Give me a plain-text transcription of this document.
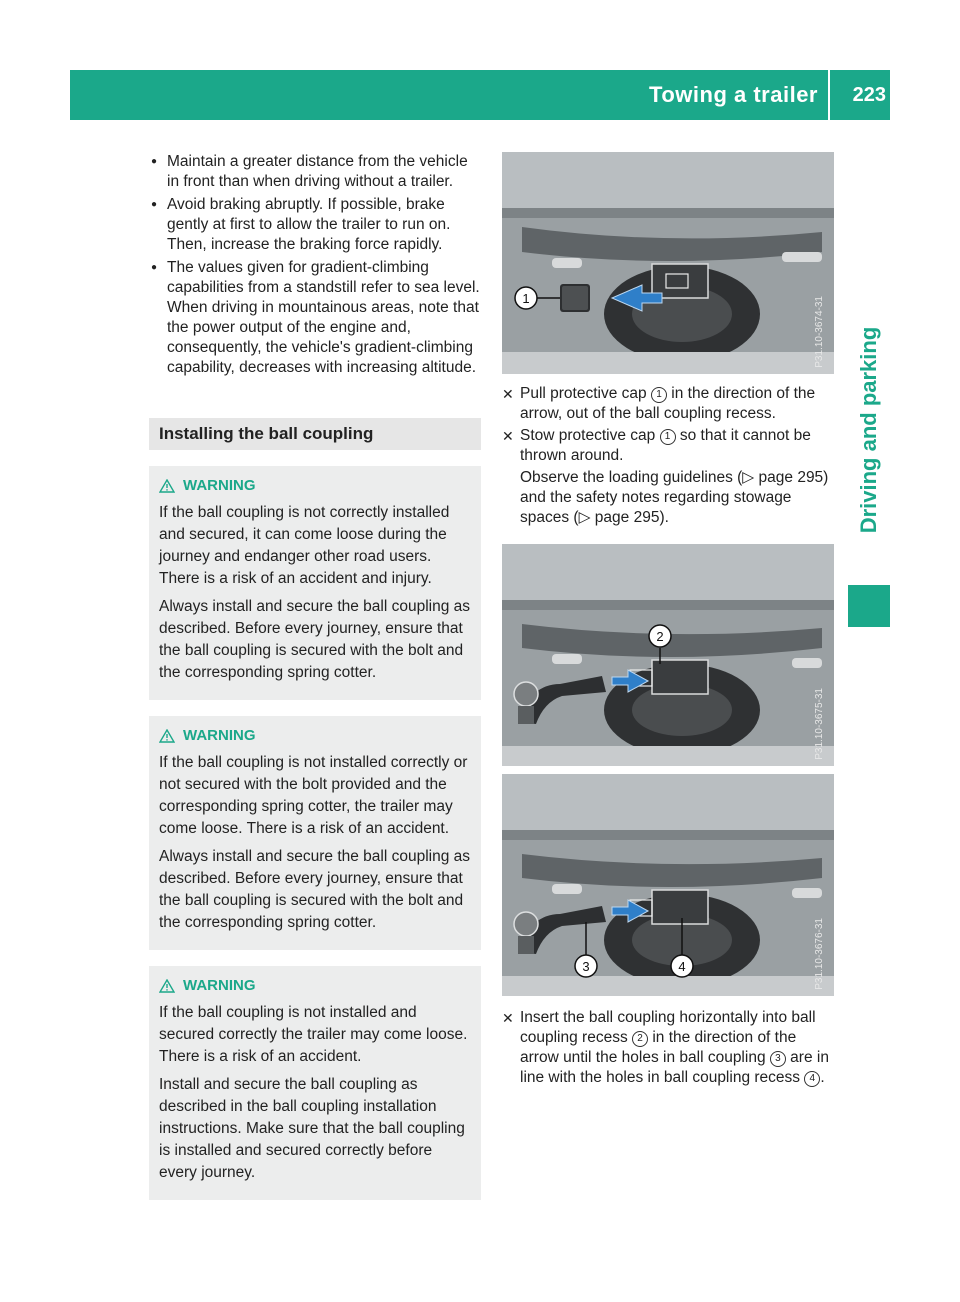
Towing a trailer 223
Driving and parking
● Maintain a greater distance from the vehicle in front than when driving without a trailer.
● Avoid braking abruptly. If possible, brake gently at first to allow the trailer to run on. Then, increase the braking force rapidly.
● The values given for gradient-climbing capabilities from a standstill refer to sea level. When driving in mountainous areas, note that the power output of the engine and, consequently, the vehicle's gradient-climbing capability, decreases with increasing altitude.
Installing the ball coupling
WARNING

If the ball coupling is not correctly installed and secured, it can come loose during the journey and endanger other road users. There is a risk of an accident and injury.

Always install and secure the ball coupling as described. Before every journey, ensure that the ball coupling is secured with the bolt and the corresponding spring cotter.

WARNING

If the ball coupling is not installed correctly or not secured with the bolt provided and the corresponding spring cotter, the trailer may come loose. There is a risk of an accident.

Always install and secure the ball coupling as described. Before every journey, ensure that the ball coupling is secured with the bolt and the corresponding spring cotter.

WARNING

If the ball coupling is not installed and secured correctly the trailer may come loose. There is a risk of an accident.

Install and secure the ball coupling as described in the ball coupling installation instructions. Make sure that the ball coupling is installed and secured correctly before every journey.

1	P31.10-3674-31
✕ Pull protective cap 1 in the direction of the arrow, out of the ball coupling recess.
✕ Stow protective cap 1 so that it cannot be thrown around.
Observe the loading guidelines (▷ page 295) and the safety notes regarding stowage spaces (▷ page 295).
2
P31.10-3675-31
3	4	P31.10-3676-31
✕ Insert the ball coupling horizontally into ball coupling recess 2 in the direction of the arrow until the holes in ball coupling 3 are in line with the holes in ball coupling recess 4 .
